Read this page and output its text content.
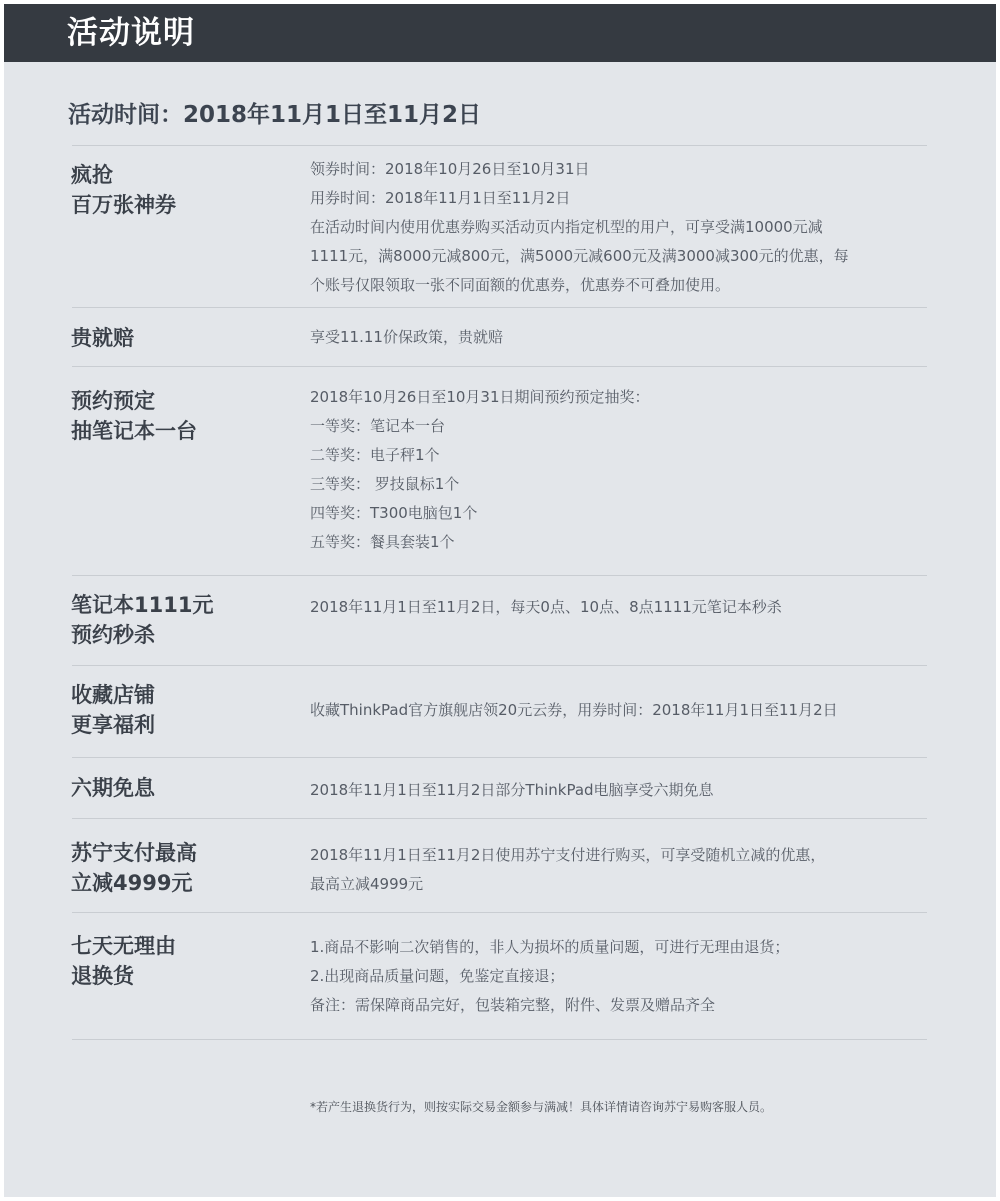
活动说明
活动时间：2018年11月1日至11月2日
疯抢
百万张神券
领券时间：2018年10月26日至10月31日
用券时间：2018年11月1日至11月2日
在活动时间内使用优惠券购买活动页内指定机型的用户，可享受满10000元减
1111元，满8000元减800元，满5000元减600元及满3000减300元的优惠，每
个账号仅限领取一张不同面额的优惠券，优惠券不可叠加使用。
贵就赔	享受11.11价保政策，贵就赔
预约预定
抽笔记本一台
2018年10月26日至10月31日期间预约预定抽奖：
一等奖：笔记本一台
二等奖：电子秤1个
三等奖： 罗技鼠标1个
四等奖：T300电脑包1个
五等奖：餐具套装1个
笔记本1111元
预约秒杀
2018年11月1日至11月2日，每天0点、10点、8点1111元笔记本秒杀
收藏店铺
更享福利
收藏ThinkPad官方旗舰店领20元云券，用券时间：2018年11月1日至11月2日
六期免息	2018年11月1日至11月2日部分ThinkPad电脑享受六期免息
苏宁支付最高
立减4999元
2018年11月1日至11月2日使用苏宁支付进行购买，可享受随机立减的优惠，
最高立减4999元
七天无理由
退换货
1.商品不影响二次销售的，非人为损坏的质量问题，可进行无理由退货；
2.出现商品质量问题，免鉴定直接退；
备注：需保障商品完好，包装箱完整，附件、发票及赠品齐全
*若产生退换货行为，则按实际交易金额参与满减！具体详情请咨询苏宁易购客服人员。
